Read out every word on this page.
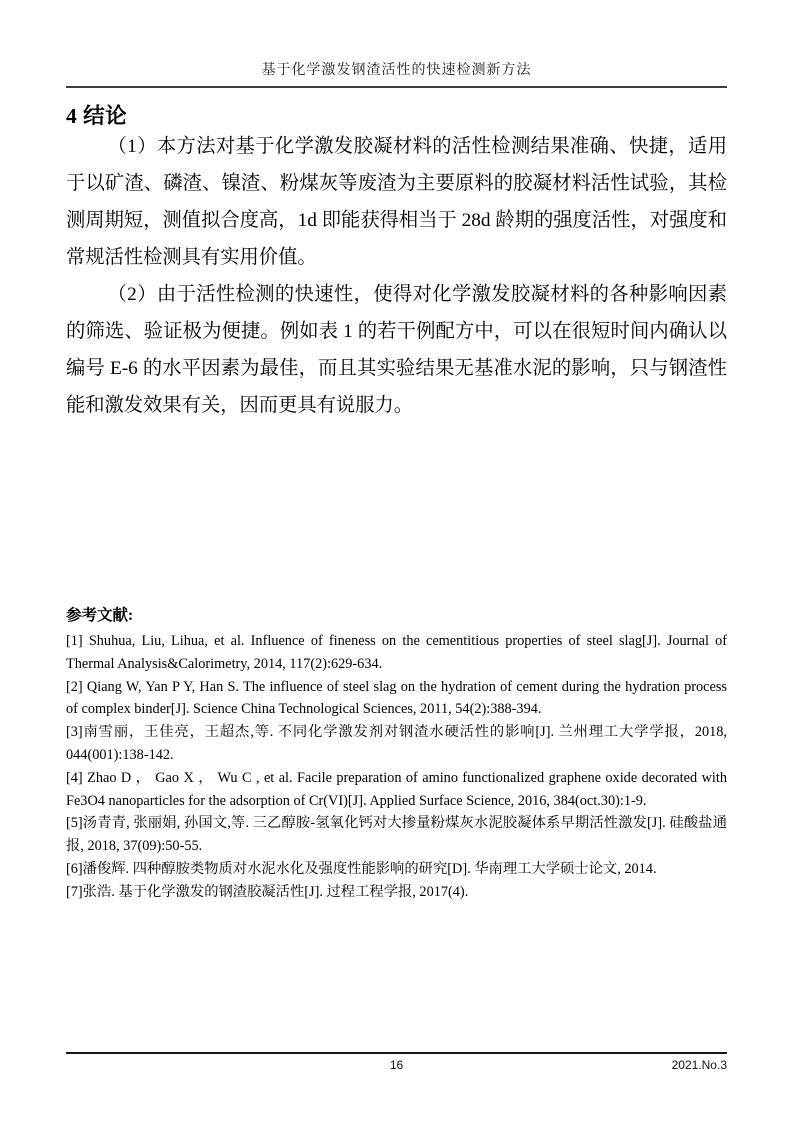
基于化学激发钢渣活性的快速检测新方法
4 结论

（1）本方法对基于化学激发胶凝材料的活性检测结果准确、快捷，适用于以矿渣、磷渣、镍渣、粉煤灰等废渣为主要原料的胶凝材料活性试验，其检测周期短，测值拟合度高，1d 即能获得相当于 28d 龄期的强度活性，对强度和常规活性检测具有实用价值。

（2）由于活性检测的快速性，使得对化学激发胶凝材料的各种影响因素的筛选、验证极为便捷。例如表 1 的若干例配方中，可以在很短时间内确认以编号 E-6 的水平因素为最佳，而且其实验结果无基准水泥的影响，只与钢渣性能和激发效果有关，因而更具有说服力。

参考文献:

[1] Shuhua, Liu, Lihua, et al. Influence of fineness on the cementitious properties of steel slag[J]. Journal of Thermal Analysis&Calorimetry, 2014, 117(2):629-634.

[2] Qiang W, Yan P Y, Han S. The influence of steel slag on the hydration of cement during the hydration process of complex binder[J]. Science China Technological Sciences, 2011, 54(2):388-394.

[3]南雪丽，王佳亮，王超杰,等. 不同化学激发剂对钢渣水硬活性的影响[J]. 兰州理工大学学报，2018, 044(001):138-142.

[4] Zhao D ， Gao X ， Wu C , et al. Facile preparation of amino functionalized graphene oxide decorated with Fe3O4 nanoparticles for the adsorption of Cr(VI)[J]. Applied Surface Science, 2016, 384(oct.30):1-9.

[5]汤青青, 张丽娟, 孙国文,等. 三乙醇胺-氢氧化钙对大掺量粉煤灰水泥胶凝体系早期活性激发[J]. 硅酸盐通报, 2018, 37(09):50-55.

[6]潘俊辉. 四种醇胺类物质对水泥水化及强度性能影响的研究[D]. 华南理工大学硕士论文, 2014.

[7]张浩. 基于化学激发的钢渣胶凝活性[J]. 过程工程学报, 2017(4).

16	2021.No.3
